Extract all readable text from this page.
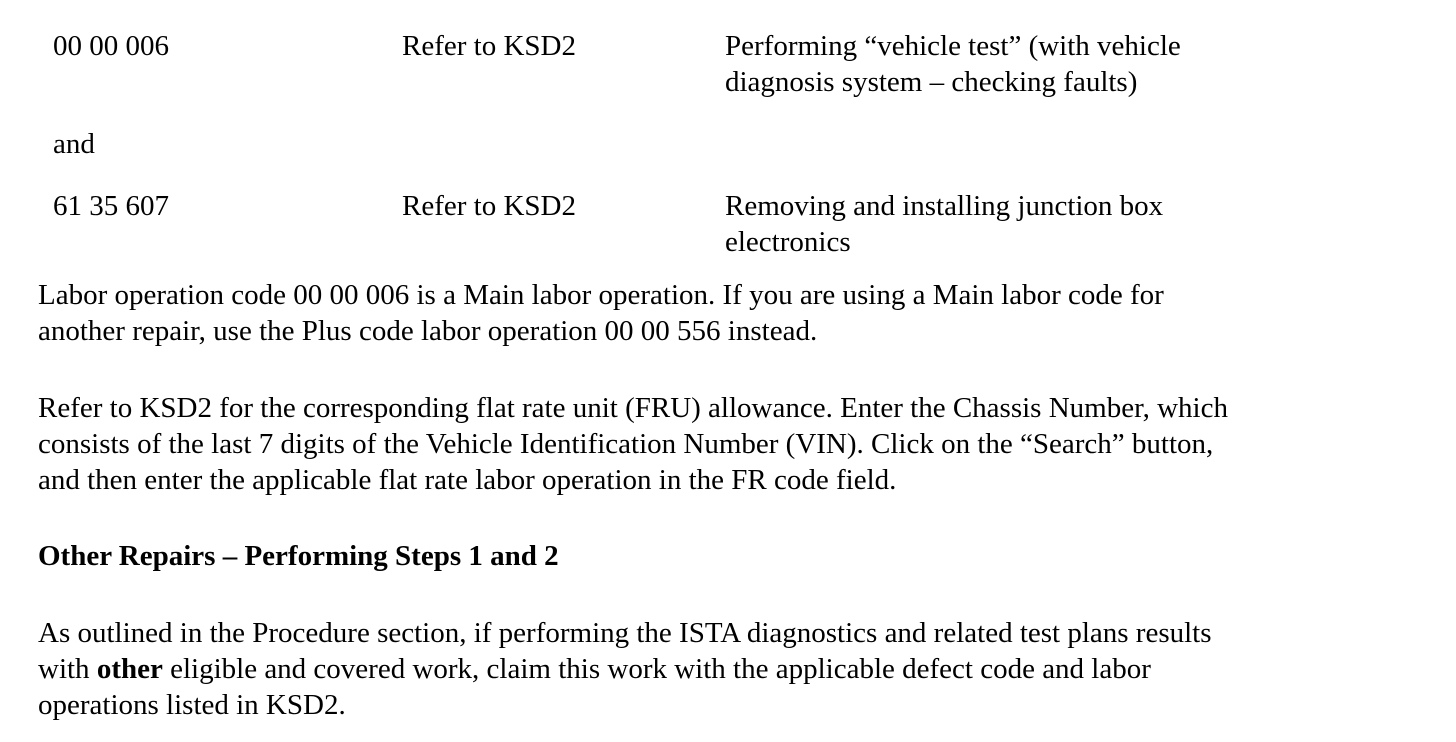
00 00 006	Refer to KSD2	Performing “vehicle test” (with vehicle
diagnosis system – checking faults)
and
61 35 607	Refer to KSD2	Removing and installing junction box
electronics
Labor operation code 00 00 006 is a Main labor operation. If you are using a Main labor code for
another repair, use the Plus code labor operation 00 00 556 instead.
Refer to KSD2 for the corresponding flat rate unit (FRU) allowance. Enter the Chassis Number, which
consists of the last 7 digits of the Vehicle Identification Number (VIN). Click on the “Search” button,
and then enter the applicable flat rate labor operation in the FR code field.
Other Repairs – Performing Steps 1 and 2
As outlined in the Procedure section, if performing the ISTA diagnostics and related test plans results
with other eligible and covered work, claim this work with the applicable defect code and labor
operations listed in KSD2.
